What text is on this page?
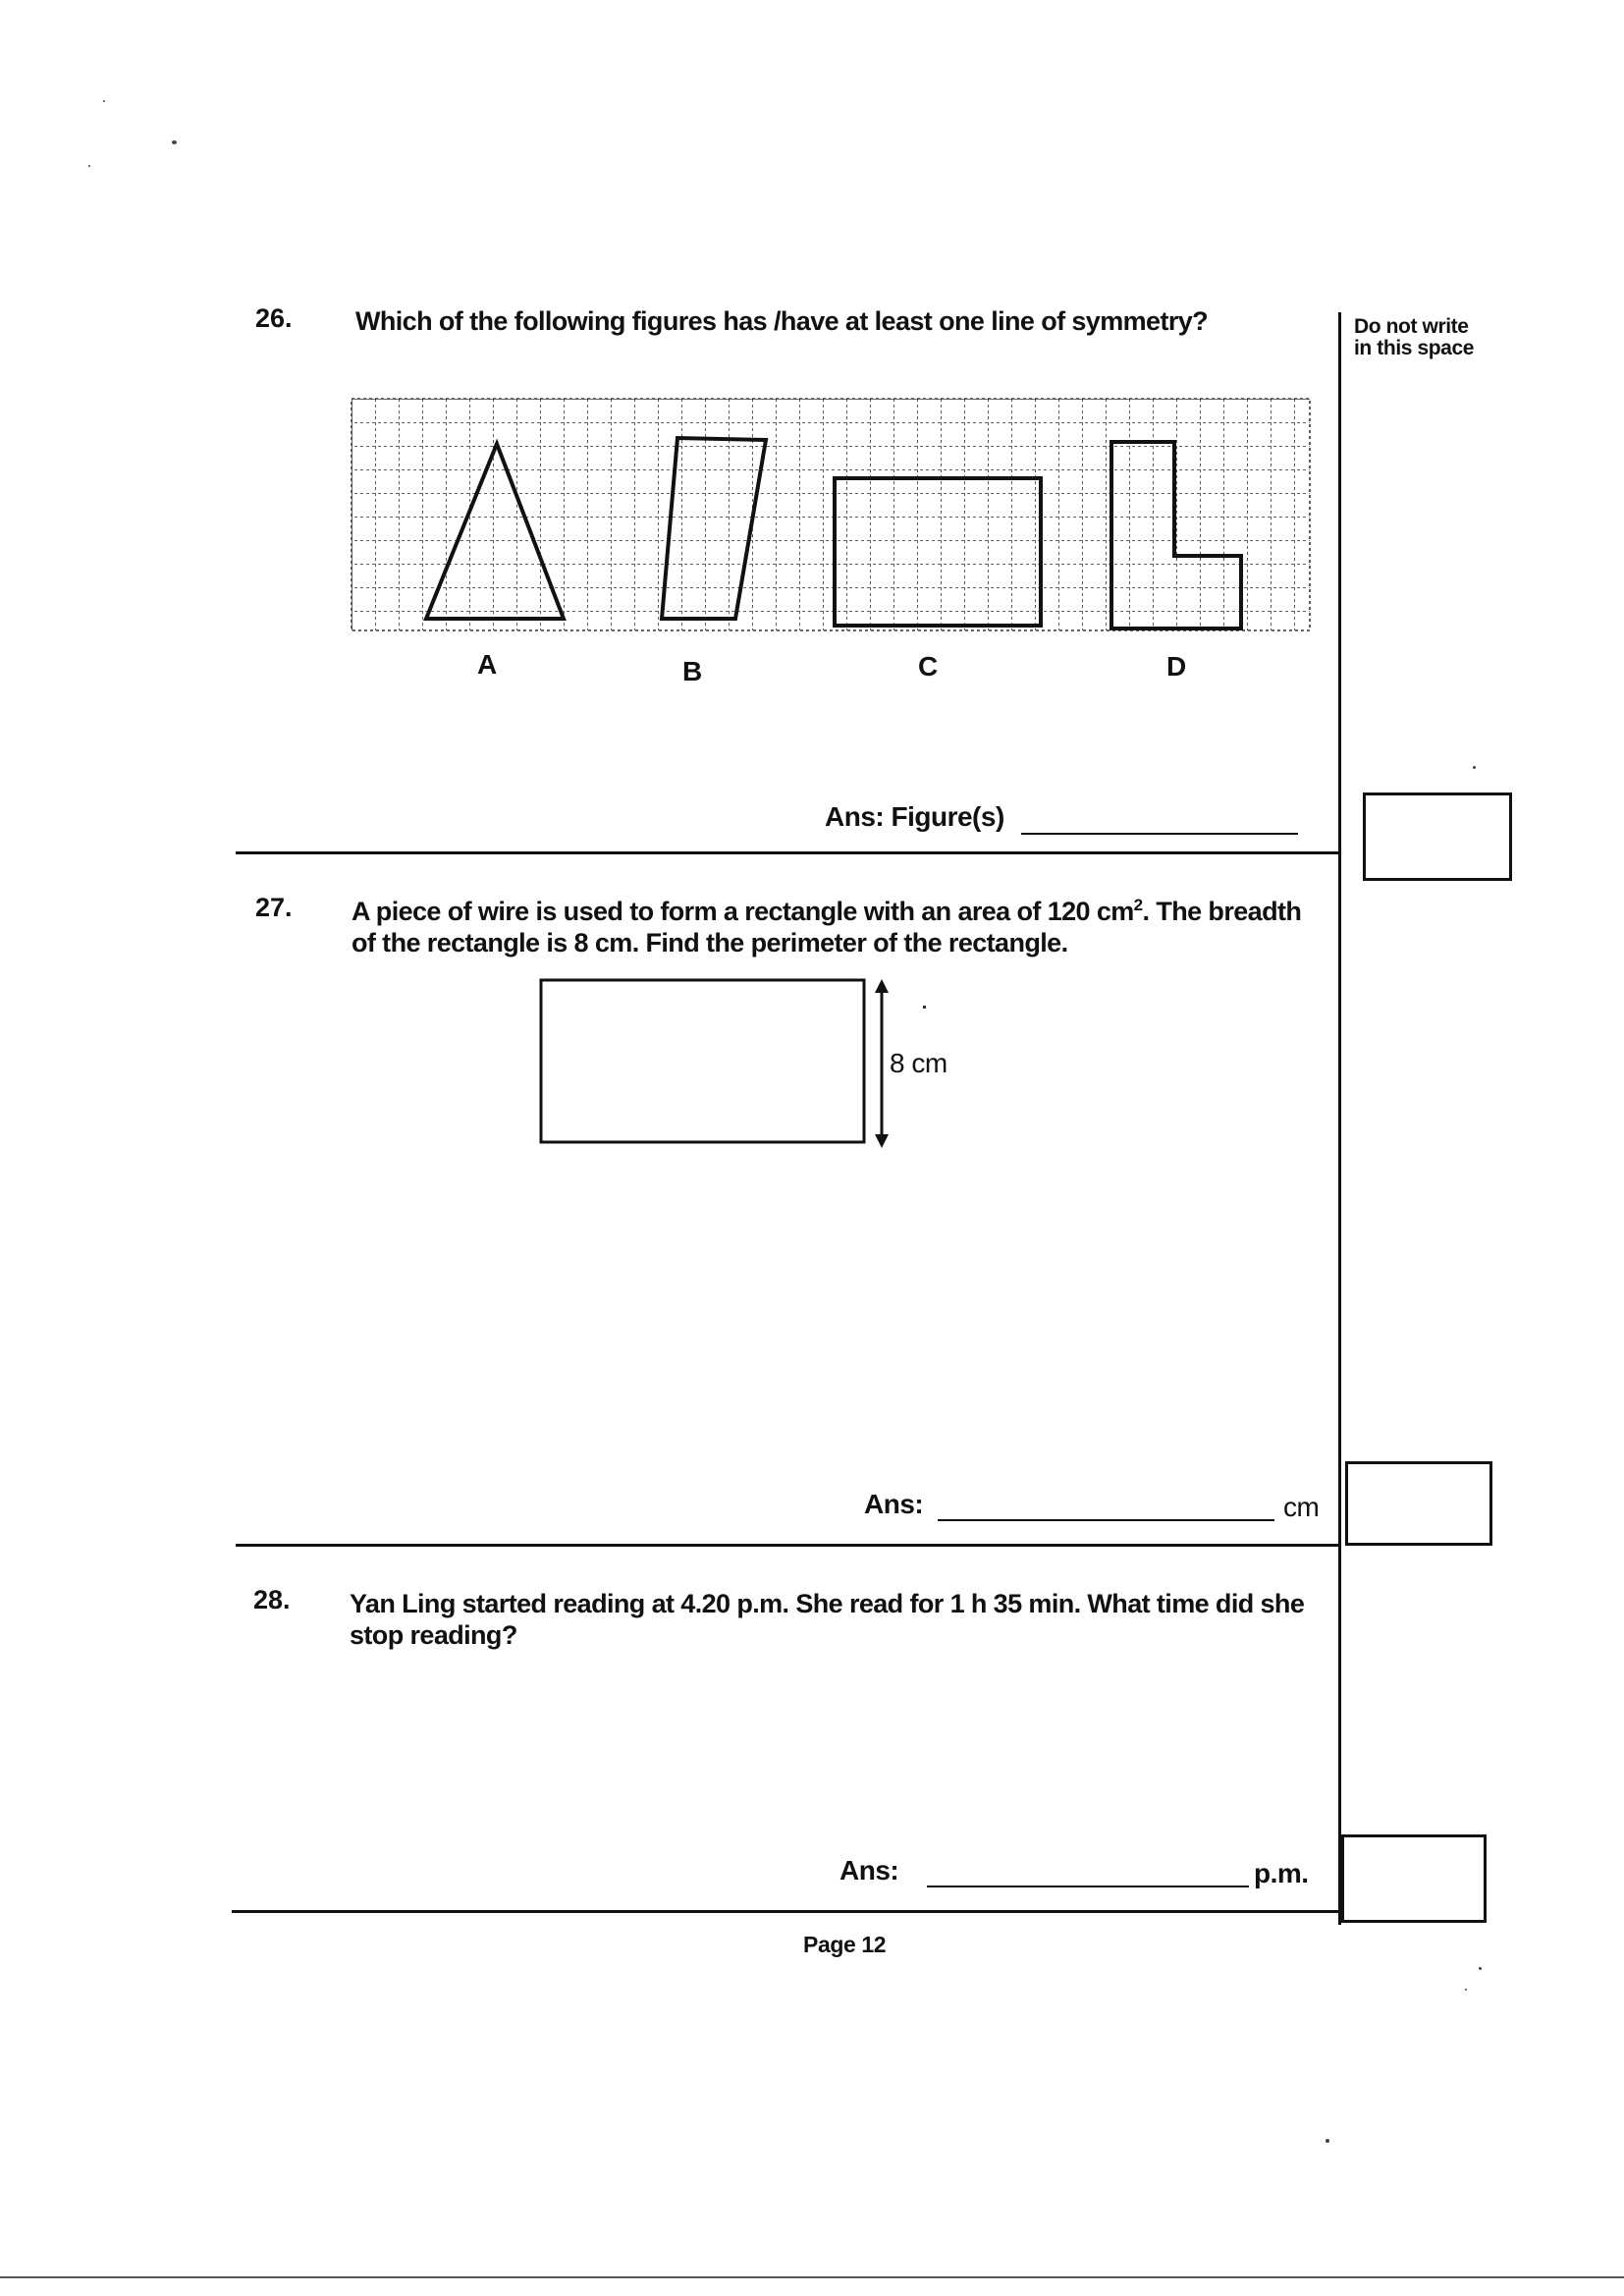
Do not write
in this space
26. Which of the following figures has /have at least one line of symmetry?
A	B	C	D
Ans: Figure(s)
27. A piece of wire is used to form a rectangle with an area of 120 $cm^2$. The breadth of the rectangle is 8 cm. Find the perimeter of the rectangle.
8 cm
Ans:	cm
28. Yan Ling started reading at 4.20 p.m. She read for 1 h 35 min. What time did she stop reading?
Ans:	p.m.
Page 12
